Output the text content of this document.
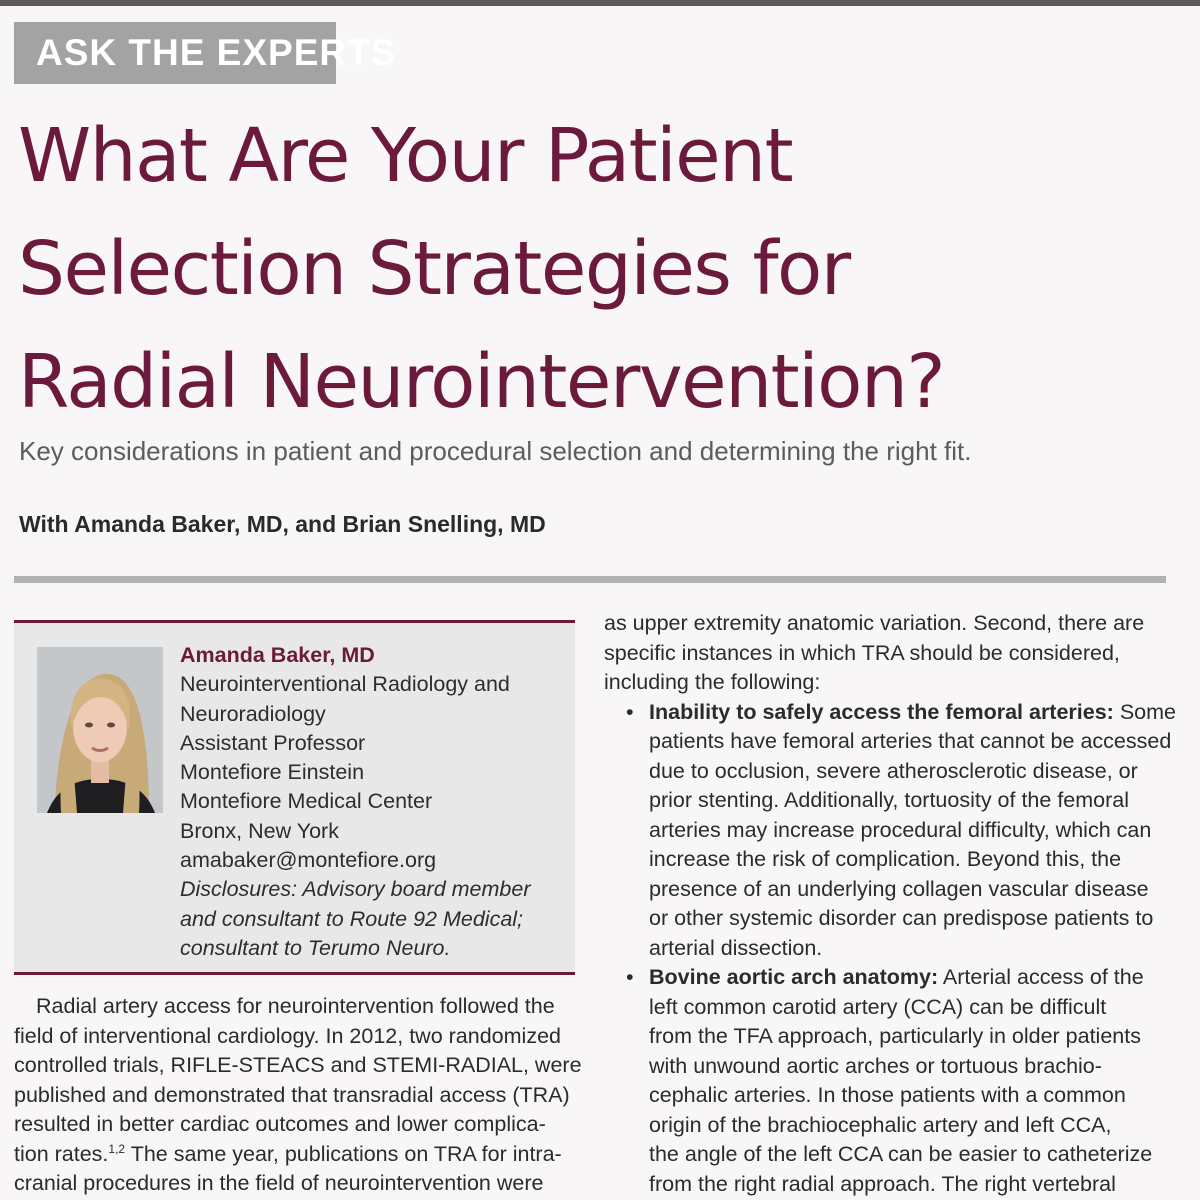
ASK THE EXPERTS
What Are Your Patient
Selection Strategies for
Radial Neurointervention?

Key considerations in patient and procedural selection and determining the right fit.

With Amanda Baker, MD, and Brian Snelling, MD

Amanda Baker, MD
Neurointerventional Radiology and
Neuroradiology
Assistant Professor
Montefiore Einstein
Montefiore Medical Center
Bronx, New York
amabaker@montefiore.org
Disclosures: Advisory board member
and consultant to Route 92 Medical;
consultant to Terumo Neuro.
Radial artery access for neurointervention followed the
field of interventional cardiology. In 2012, two randomized
controlled trials, RIFLE-STEACS and STEMI-RADIAL, were
published and demonstrated that transradial access (TRA)
resulted in better cardiac outcomes and lower complica-
tion rates.$^{1,2}$ The same year, publications on TRA for intra-
cranial procedures in the field of neurointervention were
as upper extremity anatomic variation. Second, there are
specific instances in which TRA should be considered,
including the following:
• Inability to safely access the femoral arteries: Some
patients have femoral arteries that cannot be accessed
due to occlusion, severe atherosclerotic disease, or
prior stenting. Additionally, tortuosity of the femoral
arteries may increase procedural difficulty, which can
increase the risk of complication. Beyond this, the
presence of an underlying collagen vascular disease
or other systemic disorder can predispose patients to
arterial dissection.
• Bovine aortic arch anatomy: Arterial access of the
left common carotid artery (CCA) can be difficult
from the TFA approach, particularly in older patients
with unwound aortic arches or tortuous brachio-
cephalic arteries. In those patients with a common
origin of the brachiocephalic artery and left CCA,
the angle of the left CCA can be easier to catheterize
from the right radial approach. The right vertebral
